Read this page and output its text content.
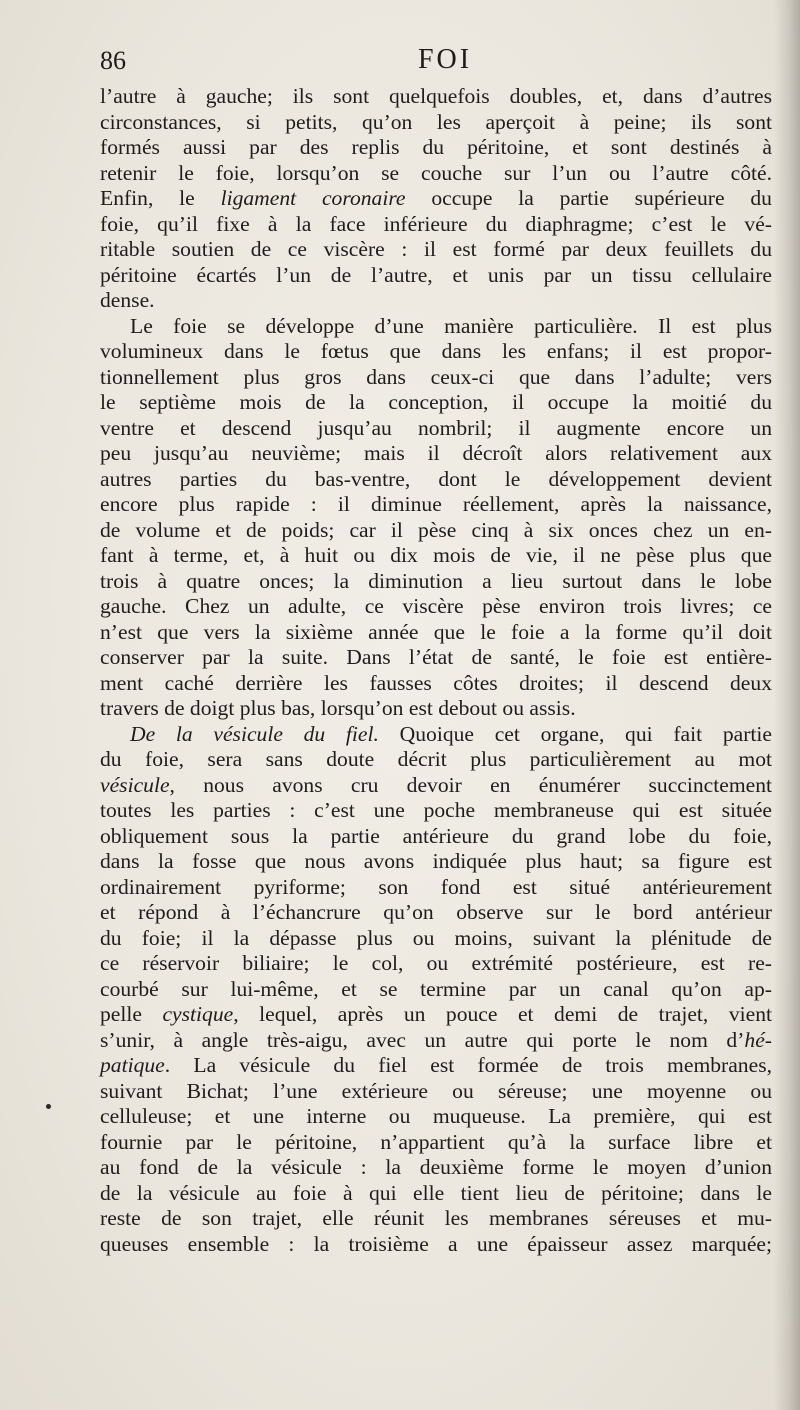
86	FOI
l’autre à gauche; ils sont quelquefois doubles, et, dans d’autres
circonstances, si petits, qu’on les aperçoit à peine; ils sont
formés aussi par des replis du péritoine, et sont destinés à
retenir le foie, lorsqu’on se couche sur l’un ou l’autre côté.
Enfin, le ligament coronaire occupe la partie supérieure du
foie, qu’il fixe à la face inférieure du diaphragme; c’est le vé-
ritable soutien de ce viscère : il est formé par deux feuillets du
péritoine écartés l’un de l’autre, et unis par un tissu cellulaire
dense.
Le foie se développe d’une manière particulière. Il est plus
volumineux dans le fœtus que dans les enfans; il est propor-
tionnellement plus gros dans ceux-ci que dans l’adulte; vers
le septième mois de la conception, il occupe la moitié du
ventre et descend jusqu’au nombril; il augmente encore un
peu jusqu’au neuvième; mais il décroît alors relativement aux
autres parties du bas-ventre, dont le développement devient
encore plus rapide : il diminue réellement, après la naissance,
de volume et de poids; car il pèse cinq à six onces chez un en-
fant à terme, et, à huit ou dix mois de vie, il ne pèse plus que
trois à quatre onces; la diminution a lieu surtout dans le lobe
gauche. Chez un adulte, ce viscère pèse environ trois livres; ce
n’est que vers la sixième année que le foie a la forme qu’il doit
conserver par la suite. Dans l’état de santé, le foie est entière-
ment caché derrière les fausses côtes droites; il descend deux
travers de doigt plus bas, lorsqu’on est debout ou assis.
De la vésicule du fiel. Quoique cet organe, qui fait partie
du foie, sera sans doute décrit plus particulièrement au mot
vésicule, nous avons cru devoir en énumérer succinctement
toutes les parties : c’est une poche membraneuse qui est située
obliquement sous la partie antérieure du grand lobe du foie,
dans la fosse que nous avons indiquée plus haut; sa figure est
ordinairement pyriforme; son fond est situé antérieurement
et répond à l’échancrure qu’on observe sur le bord antérieur
du foie; il la dépasse plus ou moins, suivant la plénitude de
ce réservoir biliaire; le col, ou extrémité postérieure, est re-
courbé sur lui-même, et se termine par un canal qu’on ap-
pelle cystique, lequel, après un pouce et demi de trajet, vient
s’unir, à angle très-aigu, avec un autre qui porte le nom d’hé-
patique. La vésicule du fiel est formée de trois membranes,
suivant Bichat; l’une extérieure ou séreuse; une moyenne ou
celluleuse; et une interne ou muqueuse. La première, qui est
fournie par le péritoine, n’appartient qu’à la surface libre et
au fond de la vésicule : la deuxième forme le moyen d’union
de la vésicule au foie à qui elle tient lieu de péritoine; dans le
reste de son trajet, elle réunit les membranes séreuses et mu-
queuses ensemble : la troisième a une épaisseur assez marquée;
